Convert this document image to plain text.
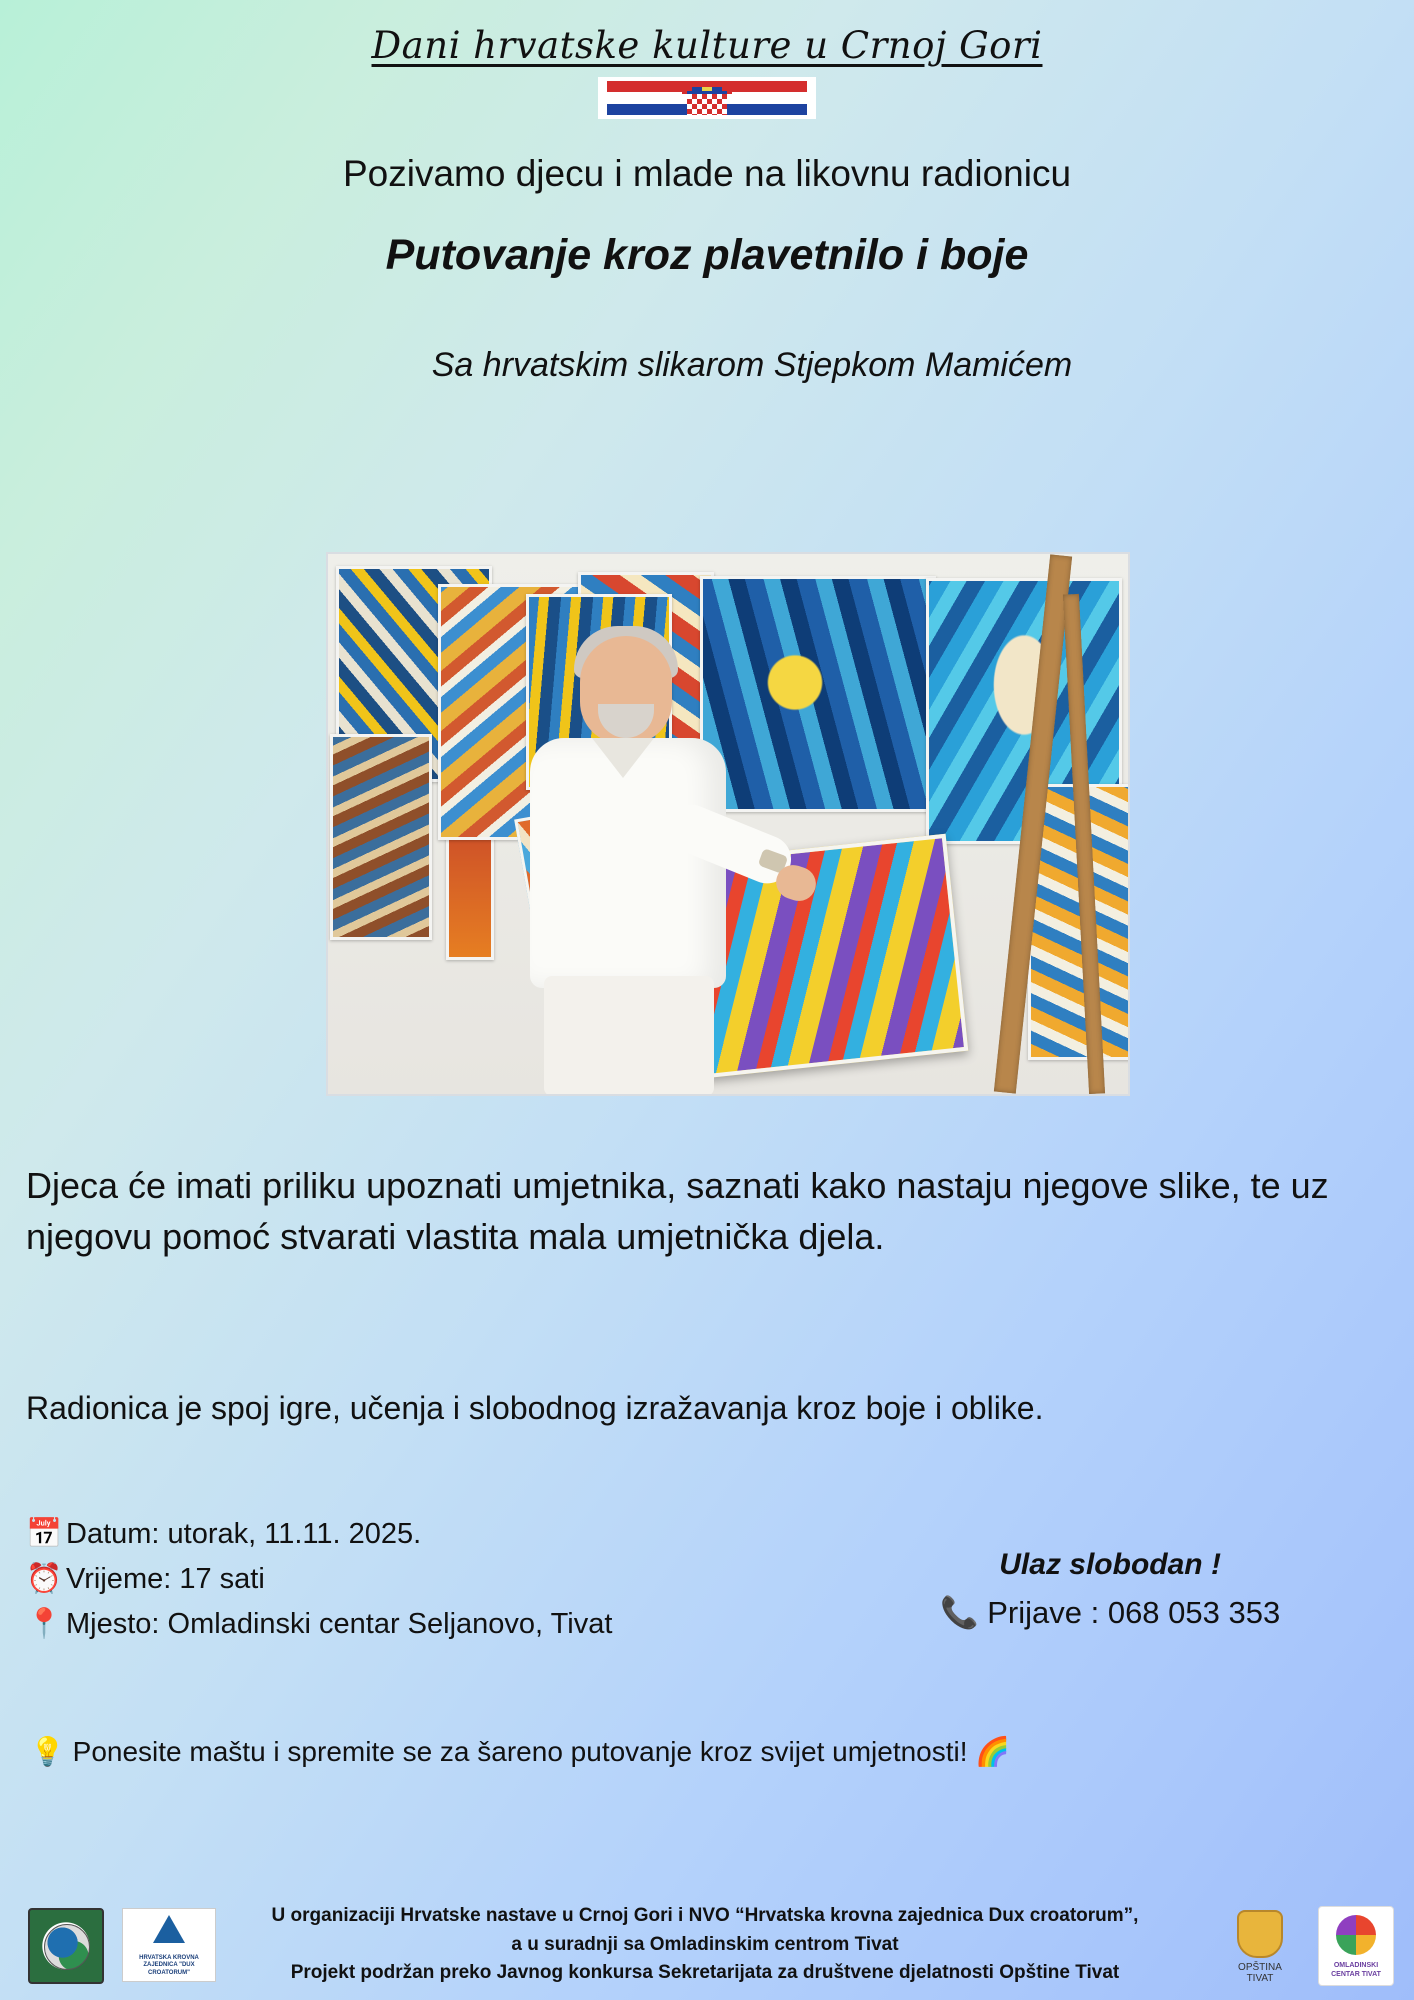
Dani hrvatske kulture u Crnoj Gori
Pozivamo djecu i mlade na likovnu radionicu
Putovanje kroz plavetnilo i boje
Sa hrvatskim slikarom Stjepkom Mamićem
Djeca će imati priliku upoznati umjetnika, saznati kako nastaju njegove slike, te uz njegovu pomoć stvarati vlastita mala umjetnička djela.
Radionica je spoj igre, učenja i slobodnog izražavanja kroz boje i oblike.
📅 Datum: utorak, 11.11. 2025.
⏰ Vrijeme: 17 sati
📍 Mjesto: Omladinski centar Seljanovo, Tivat
Ulaz slobodan !
📞 Prijave : 068 053 353
💡 Ponesite maštu i spremite se za šareno putovanje kroz svijet umjetnosti! 🌈
HRVATSKA KROVNA ZAJEDNICA "DUX CROATORUM"
U organizaciji Hrvatske nastave u Crnoj Gori i NVO “Hrvatska krovna zajednica Dux croatorum”,
a u suradnji sa Omladinskim centrom Tivat
Projekt podržan preko Javnog konkursa Sekretarijata za društvene djelatnosti Opštine Tivat	OPŠTINA TIVAT
OMLADINSKI CENTAR TIVAT
